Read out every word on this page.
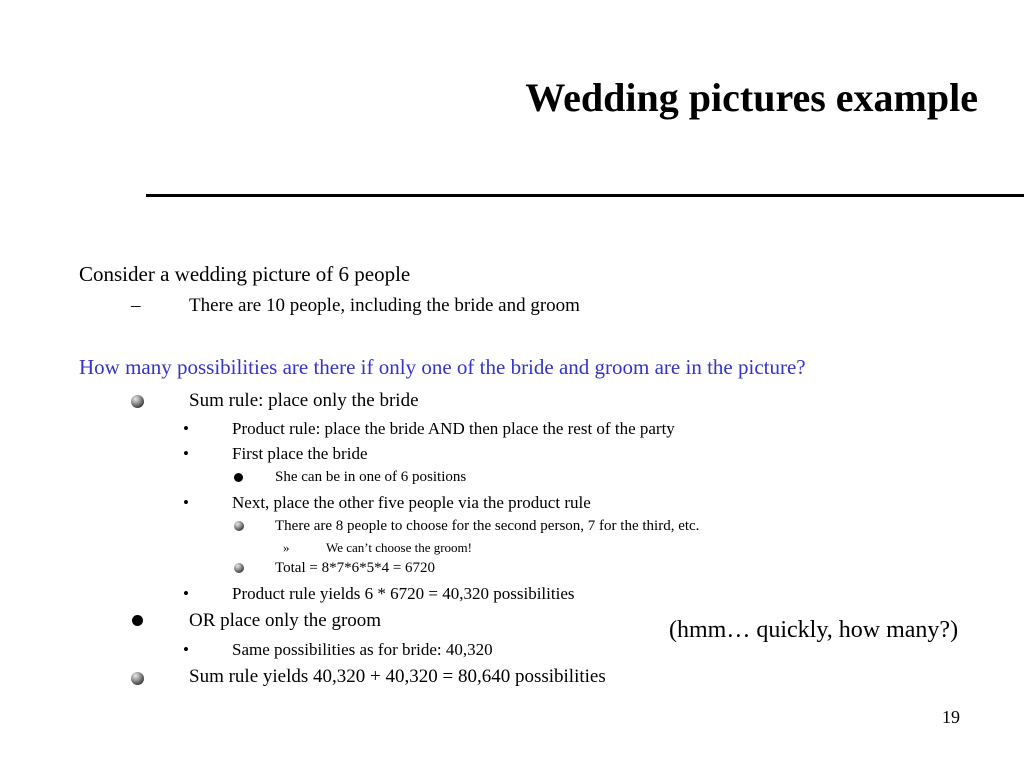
Wedding pictures example
Consider a wedding picture of 6 people
–	There are 10 people, including the bride and groom
How many possibilities are there if only one of the bride and groom are in the picture?
Sum rule: place only the bride
•	Product rule: place the bride AND then place the rest of the party
•	First place the bride
She can be in one of 6 positions
•	Next, place the other five people via the product rule
There are 8 people to choose for the second person, 7 for the third, etc.
»	We can’t choose the groom!
Total = 8*7*6*5*4 = 6720
•	Product rule yields 6 * 6720 = 40,320 possibilities
OR place only the groom
•	Same possibilities as for bride: 40,320
Sum rule yields 40,320 + 40,320 = 80,640 possibilities
(hmm… quickly, how many?)
19
